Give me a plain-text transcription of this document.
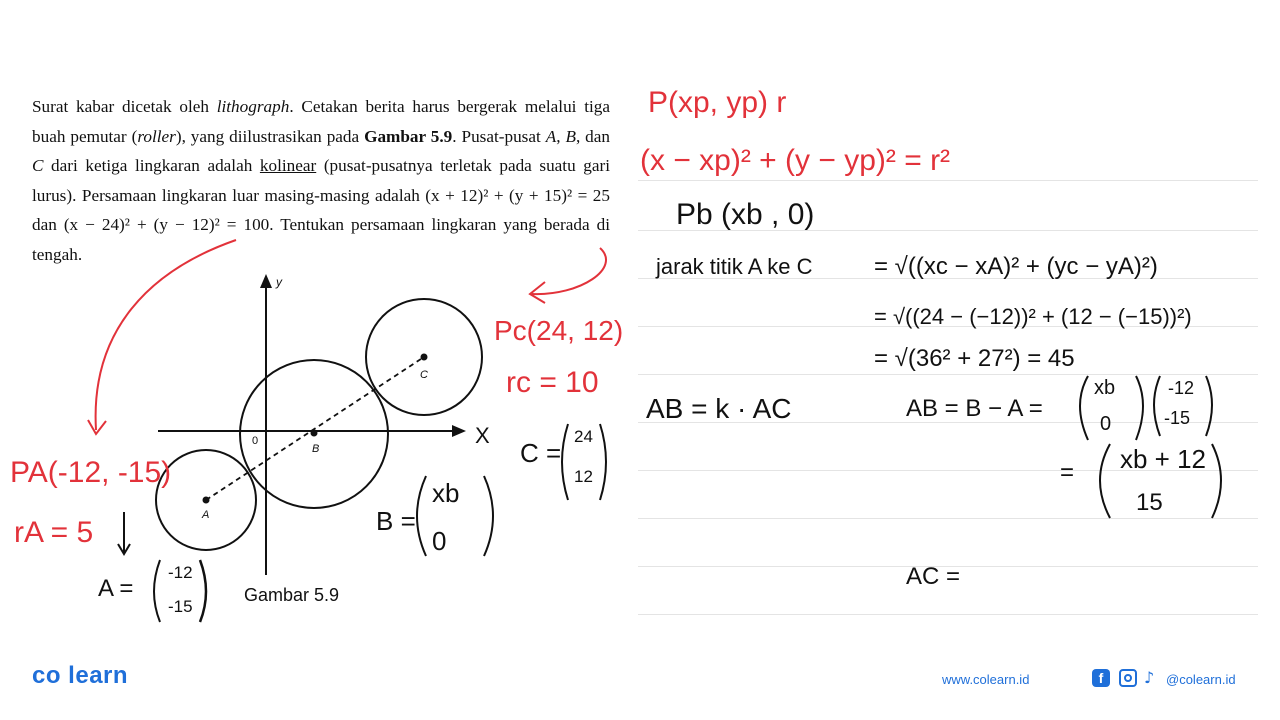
Surat kabar dicetak oleh lithograph. Cetakan berita harus bergerak melalui tiga buah pemutar (roller), yang diilustrasikan pada Gambar 5.9. Pusat-pusat A, B, dan C dari ketiga lingkaran adalah kolinear (pusat-pusatnya terletak pada suatu gari lurus). Persamaan lingkaran luar masing-masing adalah (x + 12)² + (y + 15)² = 25 dan (x − 24)² + (y − 12)² = 100. Tentukan persamaan lingkaran yang berada di tengah.
y
X
0
A
B
C
PA(-12, -15)
rA = 5
Pc(24, 12)
rc = 10
A =
-12
-15
B =
xb
0
C =
24
12
P(xp, yp) r
(x − xp)² + (y − yp)² = r²
Pb (xb , 0)
jarak titik A ke C	= √((xc − xA)² + (yc − yA)²)
= √((24 − (−12))² + (12 − (−15))²)
= √(36² + 27²) = 45
AB = k · AC	AB = B − A =
xb
0
-12
-15
= xb + 12
15
AC =
Gambar 5.9
co learn	www.colearn.id	f	♪ @colearn.id
